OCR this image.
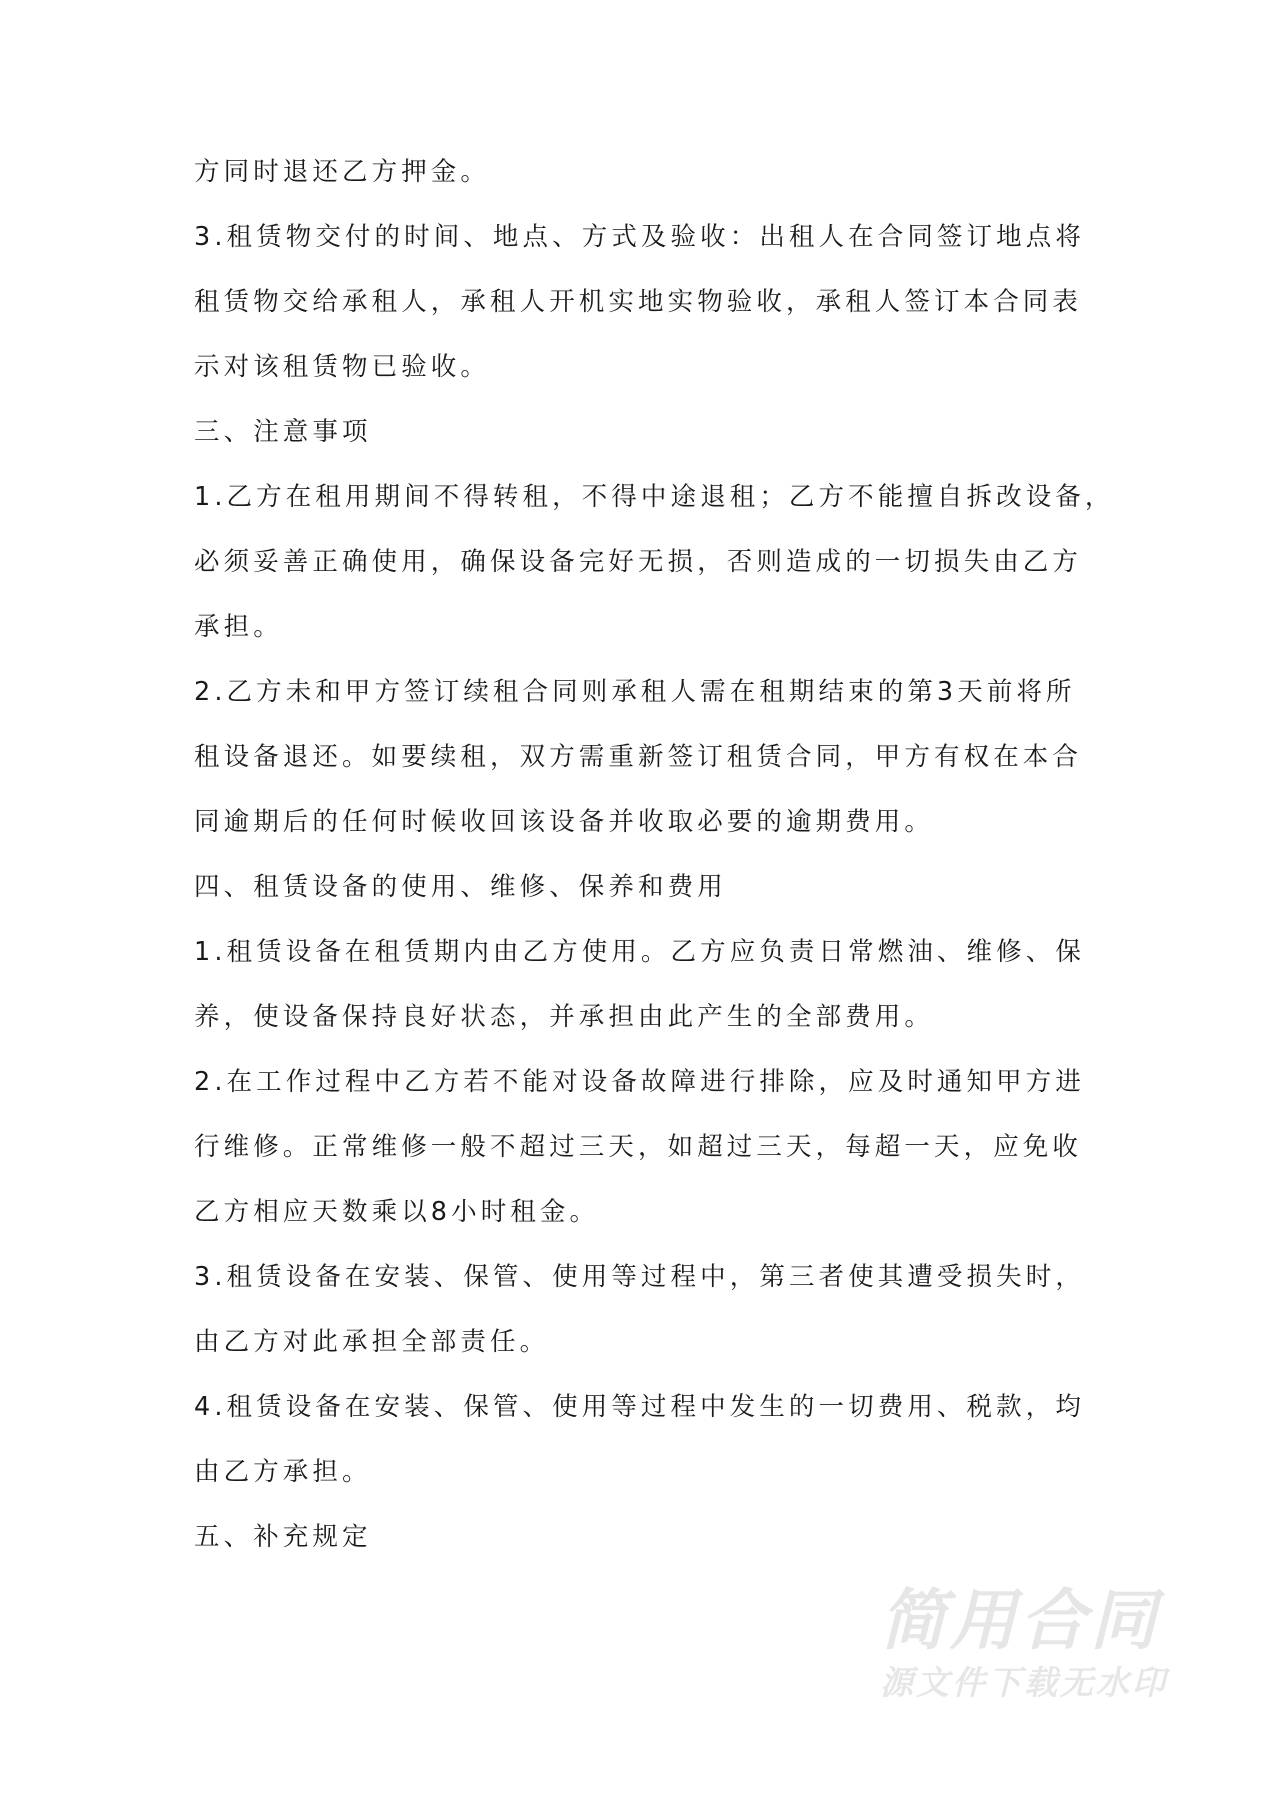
方同时退还乙方押金。
3.租赁物交付的时间、地点、方式及验收：出租人在合同签订地点将
租赁物交给承租人，承租人开机实地实物验收，承租人签订本合同表
示对该租赁物已验收。
三、注意事项
1.乙方在租用期间不得转租，不得中途退租；乙方不能擅自拆改设备，
必须妥善正确使用，确保设备完好无损，否则造成的一切损失由乙方
承担。
2.乙方未和甲方签订续租合同则承租人需在租期结束的第3天前将所
租设备退还。如要续租，双方需重新签订租赁合同，甲方有权在本合
同逾期后的任何时候收回该设备并收取必要的逾期费用。
四、租赁设备的使用、维修、保养和费用
1.租赁设备在租赁期内由乙方使用。乙方应负责日常燃油、维修、保
养，使设备保持良好状态，并承担由此产生的全部费用。
2.在工作过程中乙方若不能对设备故障进行排除，应及时通知甲方进
行维修。正常维修一般不超过三天，如超过三天，每超一天，应免收
乙方相应天数乘以8小时租金。
3.租赁设备在安装、保管、使用等过程中，第三者使其遭受损失时，
由乙方对此承担全部责任。
4.租赁设备在安装、保管、使用等过程中发生的一切费用、税款，均
由乙方承担。
五、补充规定
简用合同
源文件下载无水印
